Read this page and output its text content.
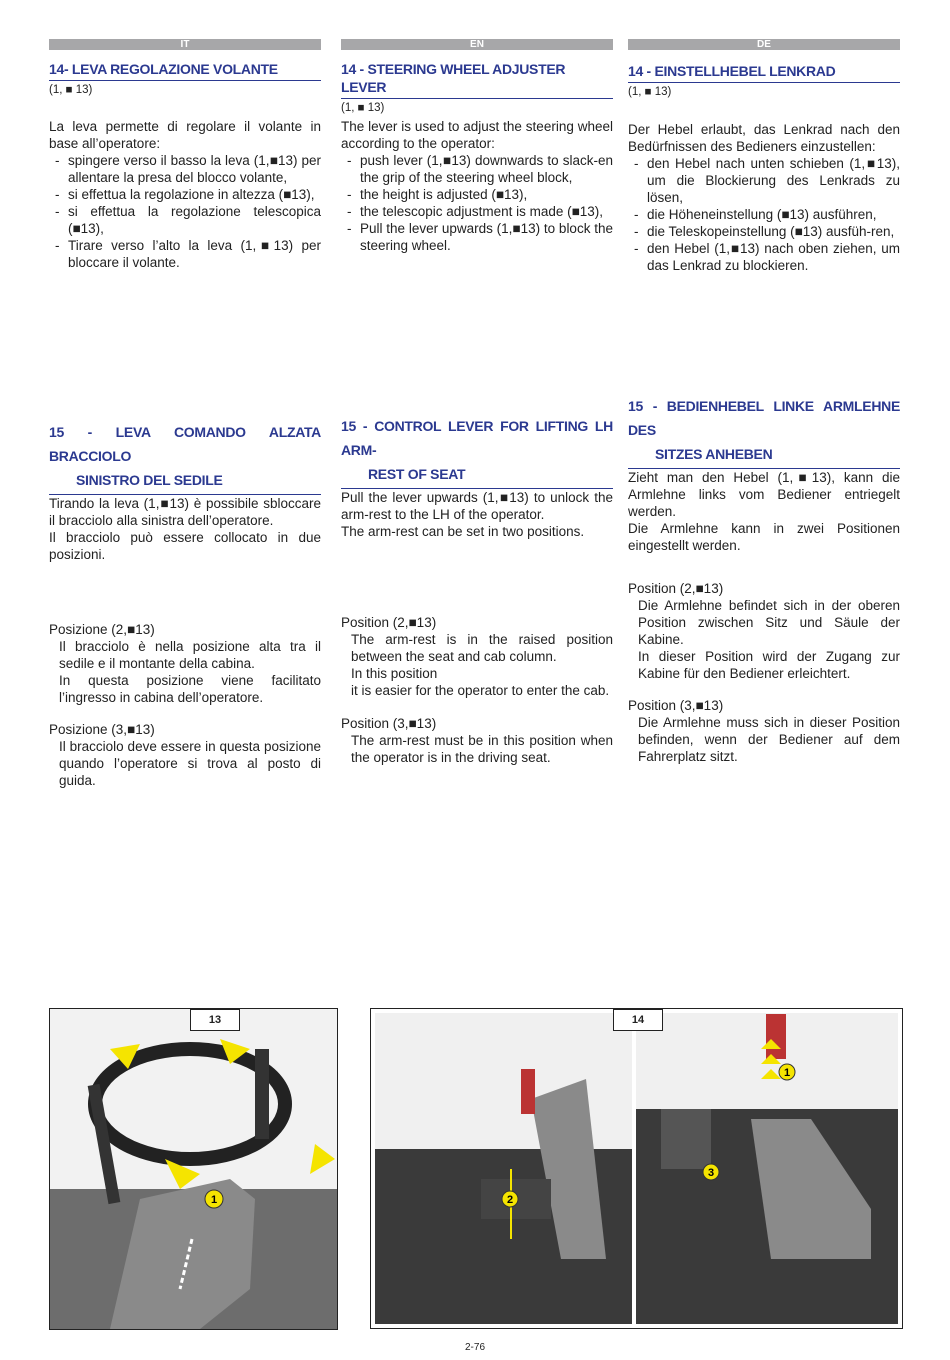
IT
14- LEVA REGOLAZIONE VOLANTE
(1, ■ 13)
La leva permette di regolare il volante in base all’operatore:
- spingere verso il basso la leva (1,■13) per allentare la presa del blocco volante,
- si effettua la regolazione in altezza (■13),
- si effettua la regolazione telescopica (■13),
- Tirare verso l’alto la leva (1,■13) per bloccare il volante.
15 - LEVA COMANDO ALZATA BRACCIOLO
SINISTRO DEL SEDILE
Tirando la leva (1,■13) è possibile sbloccare il bracciolo alla sinistra dell’operatore.
Il bracciolo può essere collocato in due posizioni.
Posizione (2,■13)
Il bracciolo è nella posizione alta tra il sedile e il montante della cabina.
In questa posizione viene facilitato l’ingresso in cabina dell’operatore.
Posizione (3,■13)
Il bracciolo deve essere in questa posizione quando l’operatore si trova al posto di guida.
EN
14 - STEERING WHEEL ADJUSTER LEVER
(1, ■ 13)
The lever is used to adjust the steering wheel according to the operator:
- push lever (1,■13) downwards to slack-en the grip of the steering wheel block,
- the height is adjusted (■13),
- the telescopic adjustment is made (■13),
- Pull the lever upwards (1,■13) to block the steering wheel.
15 - CONTROL LEVER FOR LIFTING LH ARM-
REST OF SEAT
Pull the lever upwards (1,■13) to unlock the arm-rest to the LH of the operator.
The arm-rest can be set in two positions.
Position (2,■13)
The arm-rest is in the raised position between the seat and cab column.
In this position
it is easier for the operator to enter the cab.
Position (3,■13)
The arm-rest must be in this position when the operator is in the driving seat.
DE
14 - EINSTELLHEBEL LENKRAD
(1, ■ 13)
Der Hebel erlaubt, das Lenkrad nach den Bedürfnissen des Bedieners einzustellen:
- den Hebel nach unten schieben (1,■13), um die Blockierung des Lenkrads zu lösen,
- die Höheneinstellung (■13) ausführen,
- die Teleskopeinstellung (■13) ausfüh-ren,
- den Hebel (1,■13) nach oben ziehen, um das Lenkrad zu blockieren.
15 - BEDIENHEBEL LINKE ARMLEHNE DES
SITZES ANHEBEN
Zieht man den Hebel (1,■13), kann die Armlehne links vom Bediener entriegelt werden.
Die Armlehne kann in zwei Positionen eingestellt werden.
Position (2,■13)
Die Armlehne befindet sich in der oberen Position zwischen Sitz und Säule der Kabine.
In dieser Position wird der Zugang zur Kabine für den Bediener erleichtert.
Position (3,■13)
Die Armlehne muss sich in dieser Position befinden, wenn der Bediener auf dem Fahrerplatz sitzt.
1
13
2
1
3
14
2-76
